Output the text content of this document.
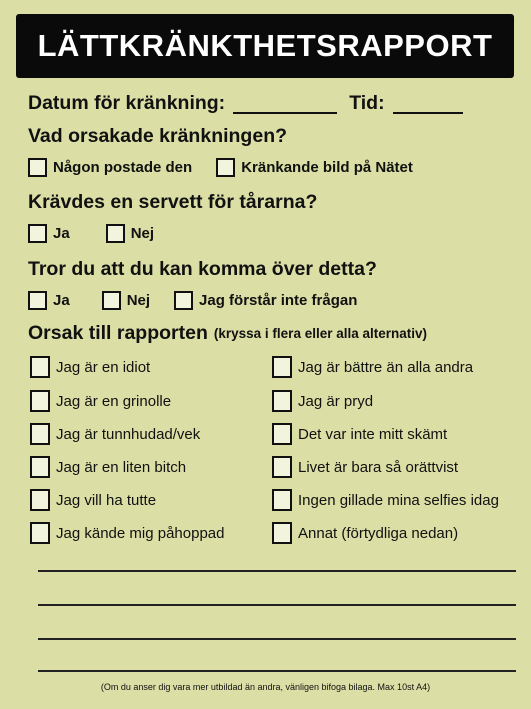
LÄTTKRÄNKTHETSRAPPORT
Datum för kränkning:	Tid:
Vad orsakade kränkningen?
Någon postade den	Kränkande bild på Nätet
Krävdes en servett för tårarna?
Ja	Nej
Tror du att du kan komma över detta?
Ja	Nej	Jag förstår inte frågan
Orsak till rapporten (kryssa i flera eller alla alternativ)
Jag är en idiot
Jag är en grinolle
Jag är tunnhudad/vek
Jag är en liten bitch
Jag vill ha tutte
Jag kände mig påhoppad
Jag är bättre än alla andra
Jag är pryd
Det var inte mitt skämt
Livet är bara så orättvist
Ingen gillade mina selfies idag
Annat (förtydliga nedan)
(Om du anser dig vara mer utbildad än andra, vänligen bifoga bilaga. Max 10st A4)
